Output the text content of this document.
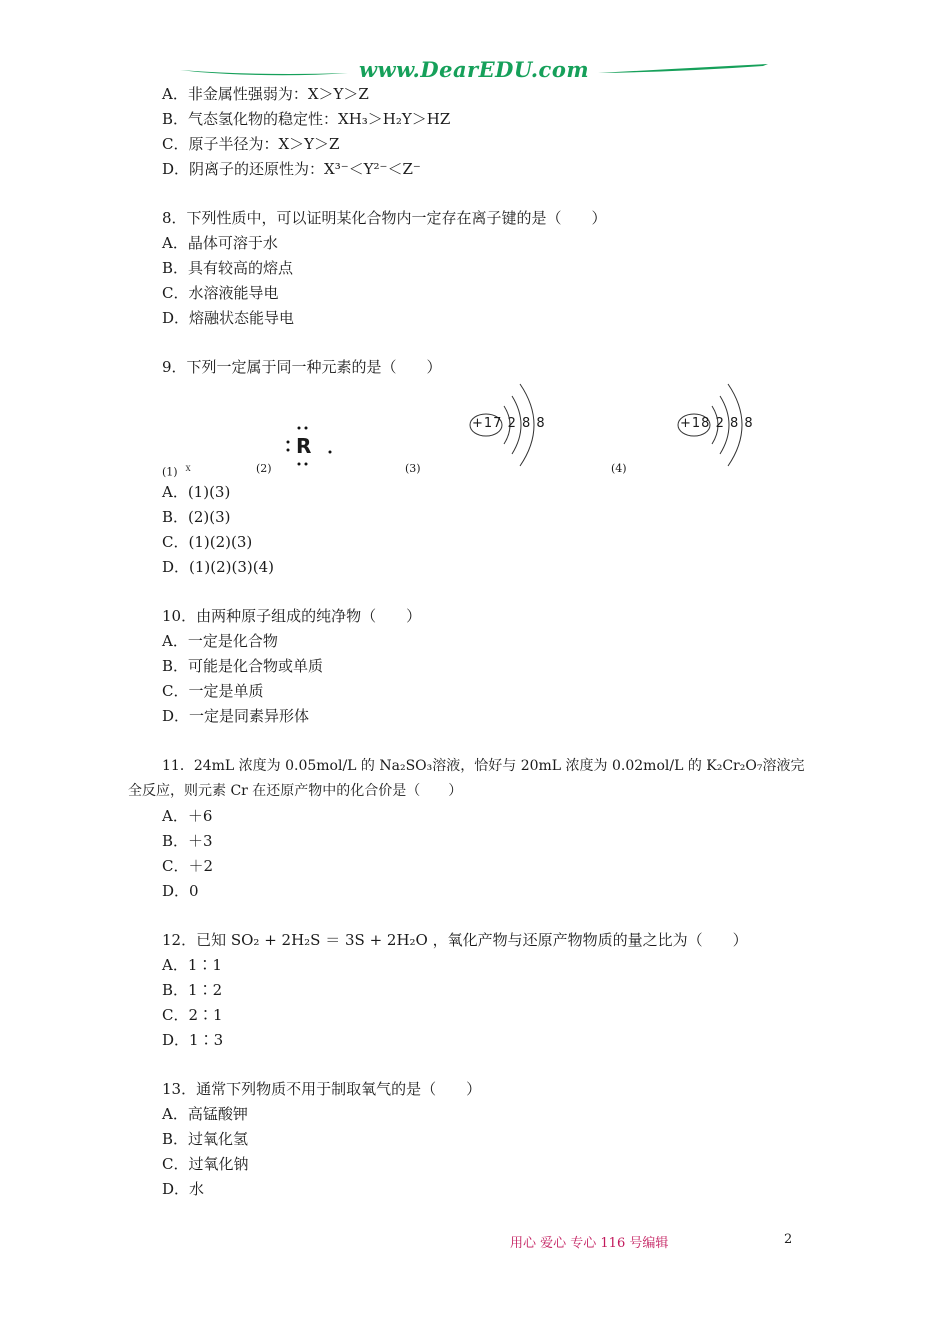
www.DearEDU.com
A．非金属性强弱为：X＞Y＞Z
B．气态氢化物的稳定性：XH₃＞H₂Y＞HZ
C．原子半径为：X＞Y＞Z
D．阴离子的还原性为：X³⁻＜Y²⁻＜Z⁻
8．下列性质中，可以证明某化合物内一定存在离子键的是（　　）
A．晶体可溶于水
B．具有较高的熔点
C．水溶液能导电
D．熔融状态能导电
9．下列一定属于同一种元素的是（　　）
(1) $^X$	(2)	(3)	(4)
R
+17 2 8 8	+18 2 8 8
A．(1)(3)
B．(2)(3)
C．(1)(2)(3)
D．(1)(2)(3)(4)
10．由两种原子组成的纯净物（　　）
A．一定是化合物
B．可能是化合物或单质
C．一定是单质
D．一定是同素异形体
11．24mL 浓度为 0.05mol/L 的 Na₂SO₃溶液，恰好与 20mL 浓度为 0.02mol/L 的 K₂Cr₂O₇溶液完
全反应，则元素 Cr 在还原产物中的化合价是（　　）
A．＋6
B．＋3
C．＋2
D．0
12．已知 SO₂ + 2H₂S ＝ 3S + 2H₂O ，氧化产物与还原产物物质的量之比为（　　）
A．1∶1
B．1∶2
C．2∶1
D．1∶3
13．通常下列物质不用于制取氧气的是（　　）
A．高锰酸钾
B．过氧化氢
C．过氧化钠
D．水
用心 爱心 专心 116 号编辑	2
